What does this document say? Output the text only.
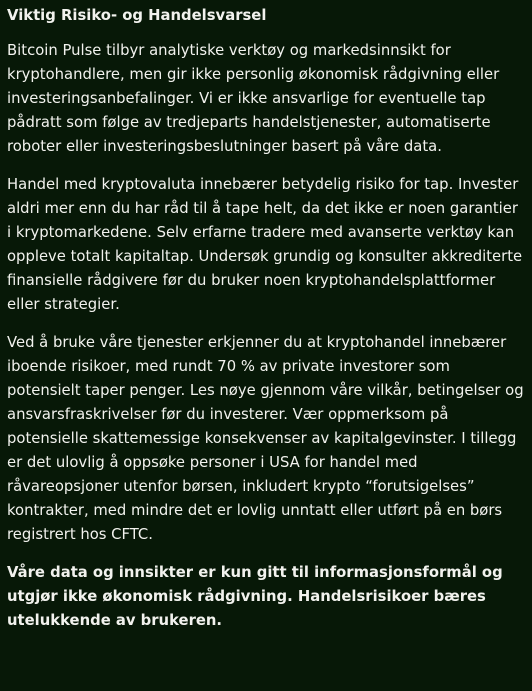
Viktig Risiko- og Handelsvarsel

Bitcoin Pulse tilbyr analytiske verktøy og markedsinnsikt for kryptohandlere, men gir ikke personlig økonomisk rådgivning eller investeringsanbefalinger. Vi er ikke ansvarlige for eventuelle tap pådratt som følge av tredjeparts handelstjenester, automatiserte roboter eller investeringsbeslutninger basert på våre data.

Handel med kryptovaluta innebærer betydelig risiko for tap. Invester aldri mer enn du har råd til å tape helt, da det ikke er noen garantier i kryptomarkedene. Selv erfarne tradere med avanserte verktøy kan oppleve totalt kapitaltap. Undersøk grundig og konsulter akkrediterte finansielle rådgivere før du bruker noen kryptohandelsplattformer eller strategier.

Ved å bruke våre tjenester erkjenner du at kryptohandel innebærer iboende risikoer, med rundt 70 % av private investorer som potensielt taper penger. Les nøye gjennom våre vilkår, betingelser og ansvarsfraskrivelser før du investerer. Vær oppmerksom på potensielle skattemessige konsekvenser av kapitalgevinster. I tillegg er det ulovlig å oppsøke personer i USA for handel med råvareopsjoner utenfor børsen, inkludert krypto “forutsigelses” kontrakter, med mindre det er lovlig unntatt eller utført på en børs registrert hos CFTC.

Våre data og innsikter er kun gitt til informasjonsformål og utgjør ikke økonomisk rådgivning. Handelsrisikoer bæres utelukkende av brukeren.
